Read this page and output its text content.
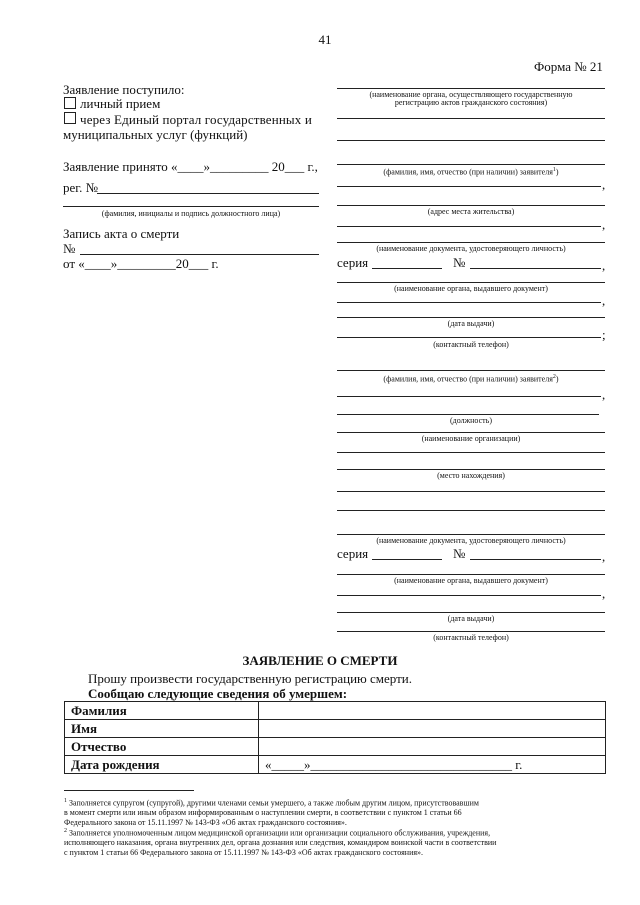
41
Форма № 21
Заявление поступило:
личный прием
через Единый портал государственных и
муниципальных услуг (функций)
Заявление принято «____»_________ 20___ г.,
рег. №
(фамилия, инициалы и подпись должностного лица)
Запись акта о смерти
№
от «____»_________20___ г.
(наименование органа, осуществляющего государственную
регистрацию актов гражданского состояния)
(фамилия, имя, отчество (при наличии) заявителя$^1$)
,
(адрес места жительства)
,
(наименование документа, удостоверяющего личность)
серия	№	,
(наименование органа, выдавшего документ)
,
(дата выдачи)
;
(контактный телефон)
(фамилия, имя, отчество (при наличии) заявителя$^2$)
,
(должность)
(наименование организации)
(место нахождения)
(наименование документа, удостоверяющего личность)
серия	№	,
(наименование органа, выдавшего документ)
,
(дата выдачи)
(контактный телефон)
ЗАЯВЛЕНИЕ О СМЕРТИ
Прошу произвести государственную регистрацию смерти.
Сообщаю следующие сведения об умершем:
Фамилия	
Имя	
Отчество	
Дата рождения	«_____»_______________________________ г.
$^1$ Заполняется супругом (супругой), другими членами семьи умершего, а также любым другим лицом, присутствовавшим
в момент смерти или иным образом информированным о наступлении смерти, в соответствии с пунктом 1 статьи 66
Федерального закона от 15.11.1997 № 143-ФЗ «Об актах гражданского состояния».
$^2$ Заполняется уполномоченным лицом медицинской организации или организации социального обслуживания, учреждения,
исполняющего наказания, органа внутренних дел, органа дознания или следствия, командиром воинской части в соответствии
с пунктом 1 статьи 66 Федерального закона от 15.11.1997 № 143-ФЗ «Об актах гражданского состояния».
